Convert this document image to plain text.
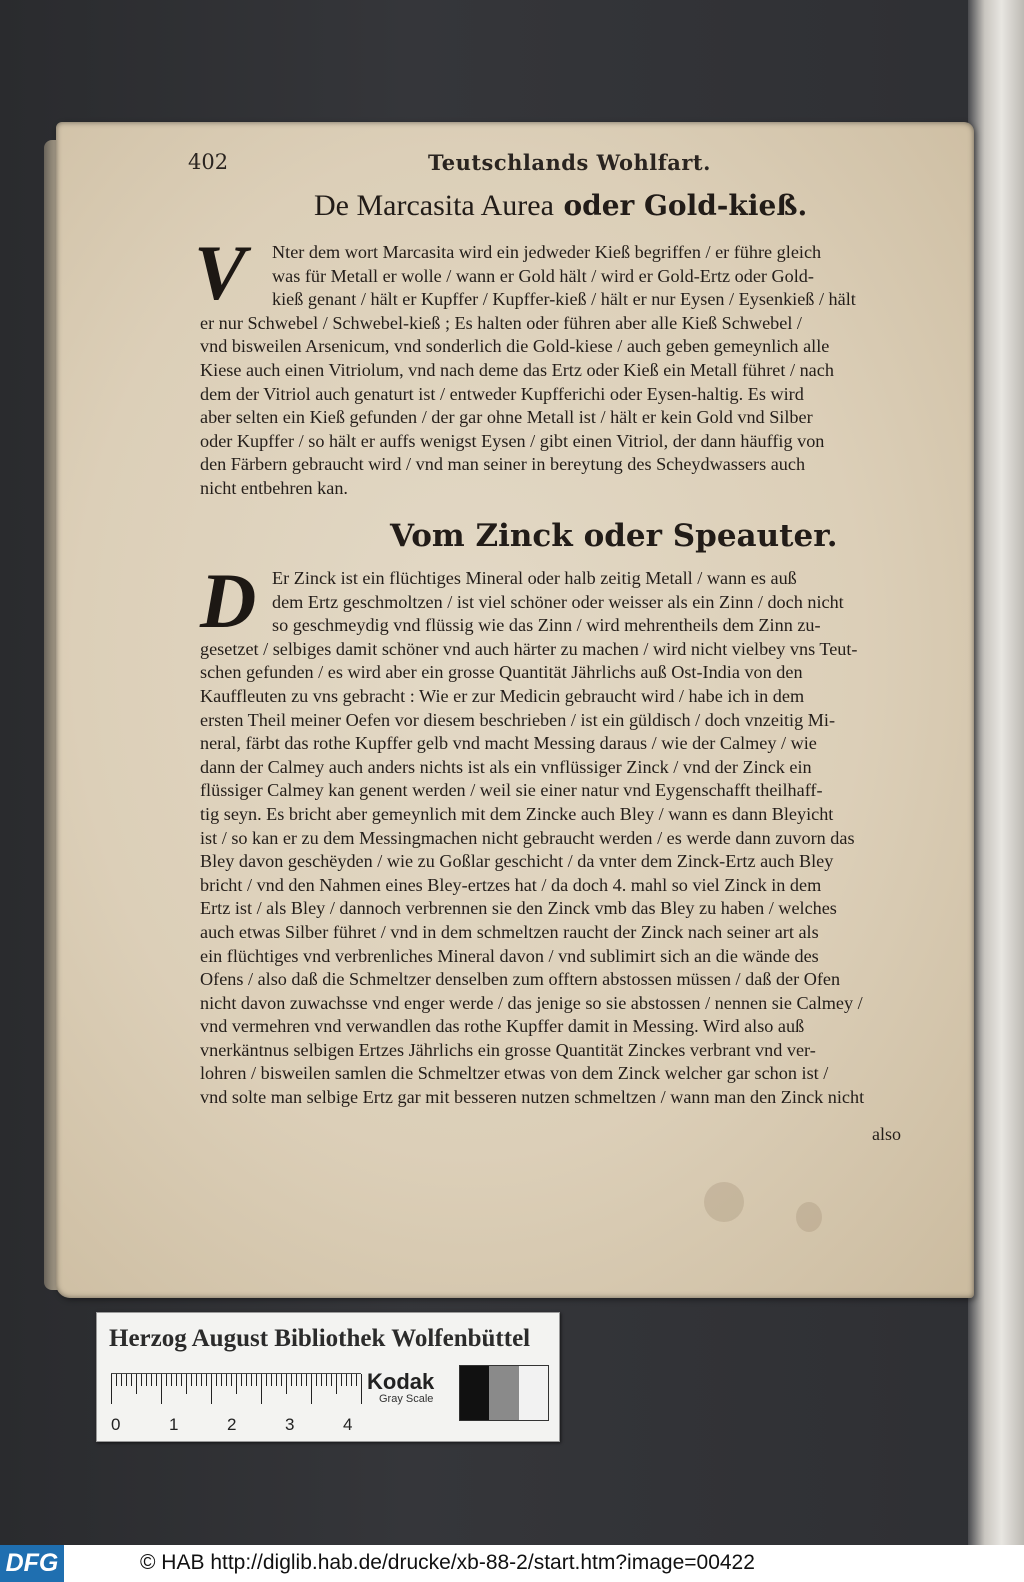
402	Teutschlands Wohlfart.
De Marcasita Aurea oder Gold-kieß.
V	Nter dem wort Marcasita wird ein jedweder Kieß begriffen / er führe gleich
was für Metall er wolle / wann er Gold hält / wird er Gold-Ertz oder Gold-
kieß genant / hält er Kupffer / Kupffer-kieß / hält er nur Eysen / Eysenkieß / hält
er nur Schwebel / Schwebel-kieß ; Es halten oder führen aber alle Kieß Schwebel /
vnd bisweilen Arsenicum, vnd sonderlich die Gold-kiese / auch geben gemeynlich alle
Kiese auch einen Vitriolum, vnd nach deme das Ertz oder Kieß ein Metall führet / nach
dem der Vitriol auch genaturt ist / entweder Kupfferichi oder Eysen-haltig. Es wird
aber selten ein Kieß gefunden / der gar ohne Metall ist / hält er kein Gold vnd Silber
oder Kupffer / so hält er auffs wenigst Eysen / gibt einen Vitriol, der dann häuffig von
den Färbern gebraucht wird / vnd man seiner in bereytung des Scheydwassers auch
nicht entbehren kan.
Vom Zinck oder Speauter.
D Er Zinck ist ein flüchtiges Mineral oder halb zeitig Metall / wann es auß
dem Ertz geschmoltzen / ist viel schöner oder weisser als ein Zinn / doch nicht
so geschmeydig vnd flüssig wie das Zinn / wird mehrentheils dem Zinn zu-
gesetzet / selbiges damit schöner vnd auch härter zu machen / wird nicht vielbey vns Teut-
schen gefunden / es wird aber ein grosse Quantität Jährlichs auß Ost-India von den
Kauffleuten zu vns gebracht : Wie er zur Medicin gebraucht wird / habe ich in dem
ersten Theil meiner Oefen vor diesem beschrieben / ist ein güldisch / doch vnzeitig Mi-
neral, färbt das rothe Kupffer gelb vnd macht Messing daraus / wie der Calmey / wie
dann der Calmey auch anders nichts ist als ein vnflüssiger Zinck / vnd der Zinck ein
flüssiger Calmey kan genent werden / weil sie einer natur vnd Eygenschafft theilhaff-
tig seyn. Es bricht aber gemeynlich mit dem Zincke auch Bley / wann es dann Bleyicht
ist / so kan er zu dem Messingmachen nicht gebraucht werden / es werde dann zuvorn das
Bley davon geschëyden / wie zu Goßlar geschicht / da vnter dem Zinck-Ertz auch Bley
bricht / vnd den Nahmen eines Bley-ertzes hat / da doch 4. mahl so viel Zinck in dem
Ertz ist / als Bley / dannoch verbrennen sie den Zinck vmb das Bley zu haben / welches
auch etwas Silber führet / vnd in dem schmeltzen raucht der Zinck nach seiner art als
ein flüchtiges vnd verbrenliches Mineral davon / vnd sublimirt sich an die wände des
Ofens / also daß die Schmeltzer denselben zum offtern abstossen müssen / daß der Ofen
nicht davon zuwachsse vnd enger werde / das jenige so sie abstossen / nennen sie Calmey /
vnd vermehren vnd verwandlen das rothe Kupffer damit in Messing. Wird also auß
vnerkäntnus selbigen Ertzes Jährlichs ein grosse Quantität Zinckes verbrant vnd ver-
lohren / bisweilen samlen die Schmeltzer etwas von dem Zinck welcher gar schon ist /
vnd solte man selbige Ertz gar mit besseren nutzen schmeltzen / wann man den Zinck nicht
also
Herzog August Bibliothek Wolfenbüttel
0	1	2	3	4
Kodak
Gray Scale
DFG	© HAB http://diglib.hab.de/drucke/xb-88-2/start.htm?image=00422
